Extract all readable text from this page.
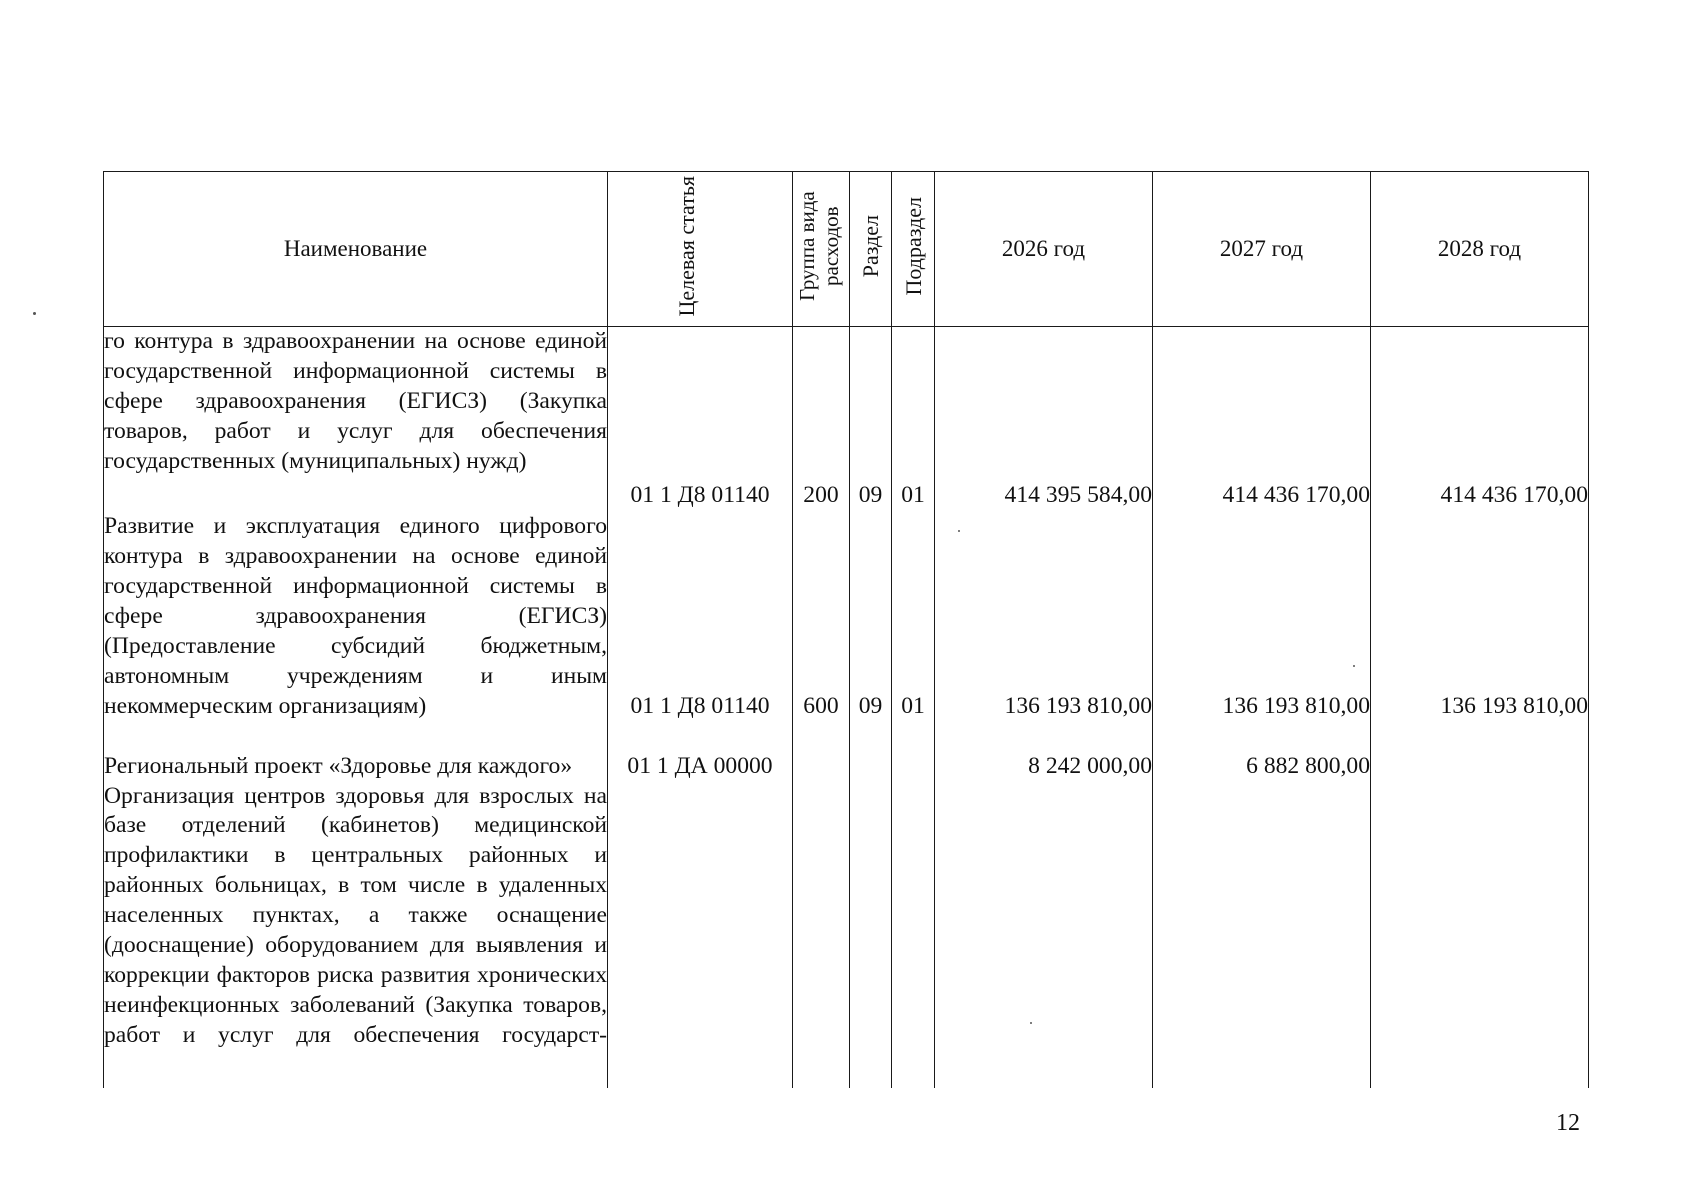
Наименование	Целевая статья	Группа вида расходов	Раздел	Подраздел	2026 год	2027 год	2028 год

го контура в здравоохранении на основе единой государственной информационной системы в сфере здравоохранения (ЕГИСЗ) (Закупка товаров, работ и услуг для обеспечения государственных (муниципальных) нужд)	01 1 Д8 01140	200	09	01	414 395 584,00	414 436 170,00	414 436 170,00

Развитие и эксплуатация единого цифрового контура в здравоохранении на основе единой государственной информационной системы в сфере здравоохранения (ЕГИСЗ) (Предоставление субсидий бюджетным, автономным учреждениям и иным некоммерческим организациям)	01 1 Д8 01140	600	09	01	136 193 810,00	136 193 810,00	136 193 810,00

Региональный проект «Здоровье для каждого»	01 1 ДА 00000				8 242 000,00	6 882 800,00	

Организация центров здоровья для взрослых на базе отделений (кабинетов) медицинской профилактики в центральных районных и районных больницах, в том числе в удаленных населенных пунктах, а также оснащение (дооснащение) оборудованием для выявления и коррекции факторов риска развития хронических неинфекционных заболеваний (Закупка товаров, работ и услуг для обеспечения государст-							

12
